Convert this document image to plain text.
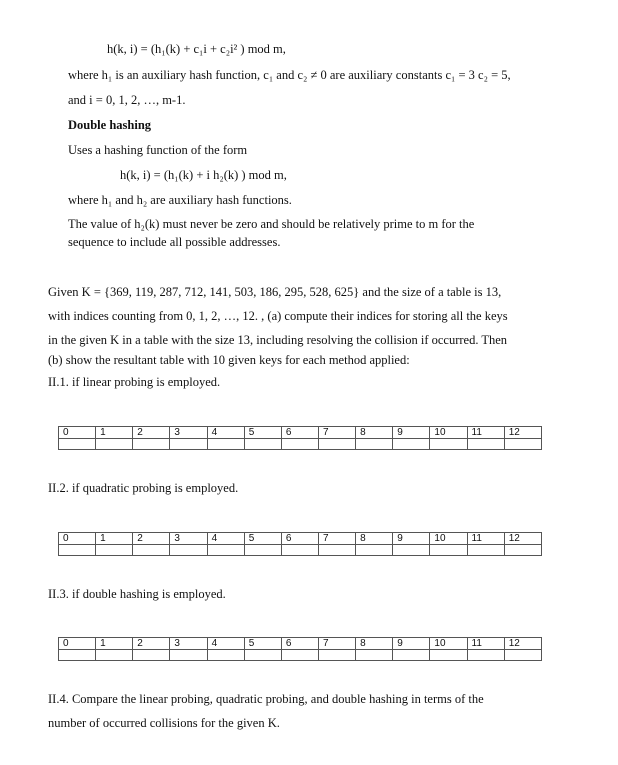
h(k, i) = (h₁(k) + c₁i + c₂i² ) mod m,
where h₁ is an auxiliary hash function, c₁ and c₂ ≠ 0 are auxiliary constants c₁ = 3 c₂ = 5,
and i = 0, 1, 2, …, m-1.
Double hashing
Uses a hashing function of the form
h(k, i) = (h₁(k) + i h₂(k) ) mod m,
where h₁ and h₂ are auxiliary hash functions.
The value of h₂(k) must never be zero and should be relatively prime to m for the
sequence to include all possible addresses.
Given K = {369, 119, 287, 712, 141, 503, 186, 295, 528, 625} and the size of a table is 13,
with indices counting from 0, 1, 2, …, 12. , (a) compute their indices for storing all the keys
in the given K in a table with the size 13, including resolving the collision if occurred. Then
(b) show the resultant table with 10 given keys for each method applied:
II.1. if linear probing is employed.
0	1	2	3	4	5	6	7	8	9	10	11	12

II.2. if quadratic probing is employed.
0	1	2	3	4	5	6	7	8	9	10	11	12

II.3. if double hashing is employed.
0	1	2	3	4	5	6	7	8	9	10	11	12

II.4. Compare the linear probing, quadratic probing, and double hashing in terms of the
number of occurred collisions for the given K.
